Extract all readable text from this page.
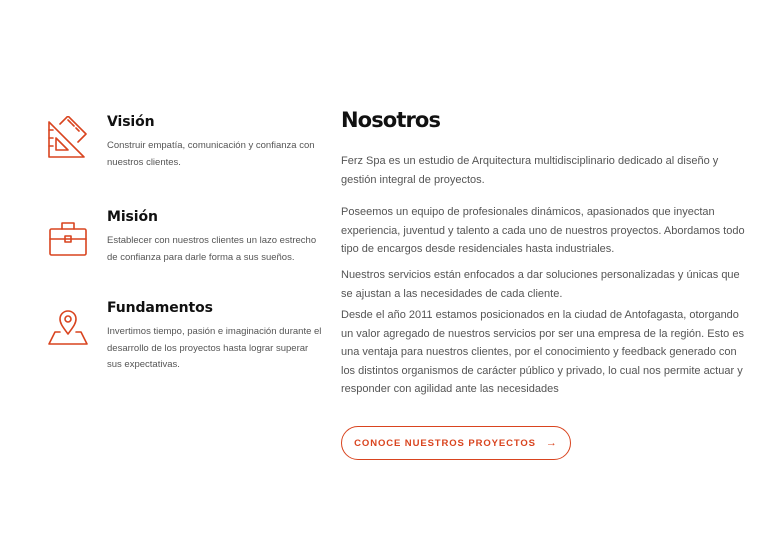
Visión
Construir empatía, comunicación y confianza con nuestros clientes.
Misión
Establecer con nuestros clientes un lazo estrecho de confianza para darle forma a sus sueños.
Fundamentos
Invertimos tiempo, pasión e imaginación durante el desarrollo de los proyectos hasta lograr superar sus expectativas.
Nosotros

Ferz Spa es un estudio de Arquitectura multidisciplinario dedicado al diseño y gestión integral de proyectos.

Poseemos un equipo de profesionales dinámicos, apasionados que inyectan experiencia, juventud y talento a cada uno de nuestros proyectos. Abordamos todo tipo de encargos desde residenciales hasta industriales.

Nuestros servicios están enfocados a dar soluciones personalizadas y únicas que se ajustan a las necesidades de cada cliente.

Desde el año 2011 estamos posicionados en la ciudad de Antofagasta, otorgando un valor agregado de nuestros servicios por ser una empresa de la región. Esto es una ventaja para nuestros clientes, por el conocimiento y feedback generado con los distintos organismos de carácter público y privado, lo cual nos permite actuar y responder con agilidad ante las necesidades

CONOCE NUESTROS PROYECTOS →
